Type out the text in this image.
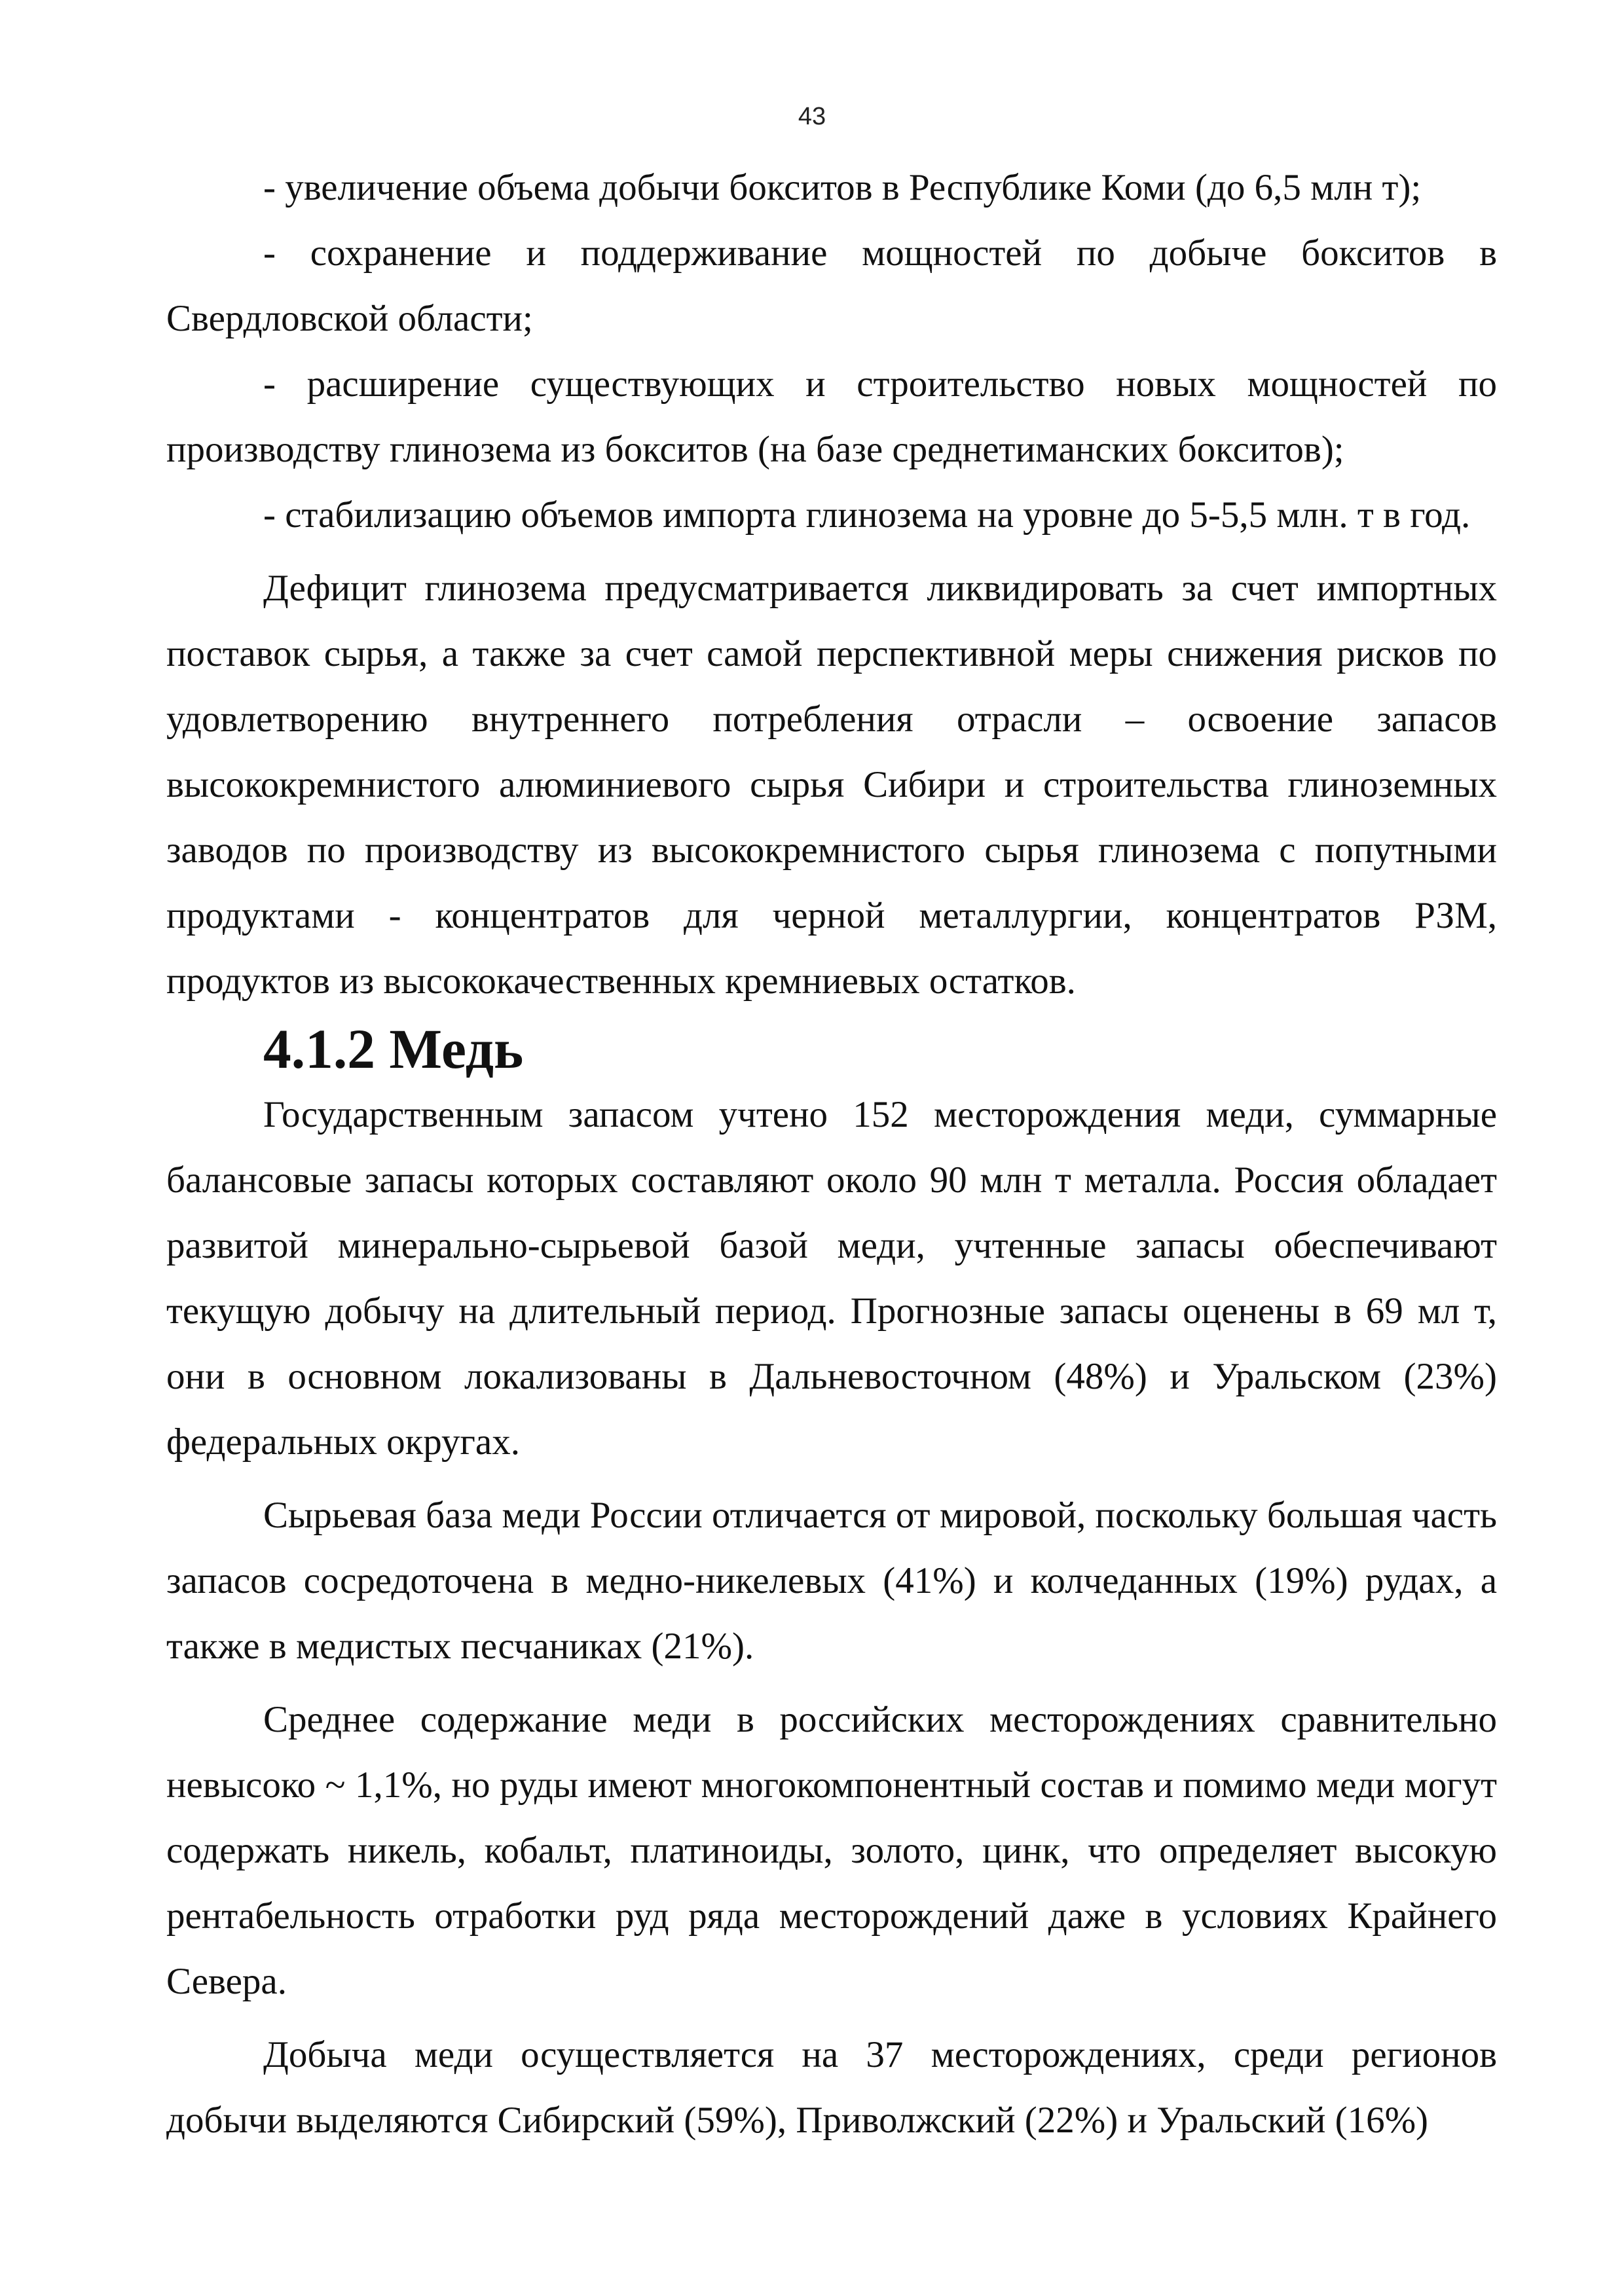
43

- увеличение объема добычи бокситов в Республике Коми (до 6,5 млн т);

- сохранение и поддерживание мощностей по добыче бокситов в Свердловской области;

- расширение существующих и строительство новых мощностей по производству глинозема из бокситов (на базе среднетиманских бокситов);

- стабилизацию объемов импорта глинозема на уровне до 5-5,5 млн. т в год.

Дефицит глинозема предусматривается ликвидировать за счет импортных поставок сырья, а также за счет самой перспективной меры снижения рисков по удовлетворению внутреннего потребления отрасли – освоение запасов высококремнистого алюминиевого сырья Сибири и строительства глиноземных заводов по производству из высококремнистого сырья глинозема с попутными продуктами - концентратов для черной металлургии, концентратов РЗМ, продуктов из высококачественных кремниевых остатков.

4.1.2 Медь

Государственным запасом учтено 152 месторождения меди, суммарные балансовые запасы которых составляют около 90 млн т металла. Россия обладает развитой минерально-сырьевой базой меди, учтенные запасы обеспечивают текущую добычу на длительный период. Прогнозные запасы оценены в 69 мл т, они в основном локализованы в Дальневосточном (48%) и Уральском (23%) федеральных округах.

Сырьевая база меди России отличается от мировой, поскольку большая часть запасов сосредоточена в медно-никелевых (41%) и колчеданных (19%) рудах, а также в медистых песчаниках (21%).

Среднее содержание меди в российских месторождениях сравнительно невысоко ~ 1,1%, но руды имеют многокомпонентный состав и помимо меди могут содержать никель, кобальт, платиноиды, золото, цинк, что определяет высокую рентабельность отработки руд ряда месторождений даже в условиях Крайнего Севера.

Добыча меди осуществляется на 37 месторождениях, среди регионов добычи выделяются Сибирский (59%), Приволжский (22%) и Уральский (16%)
